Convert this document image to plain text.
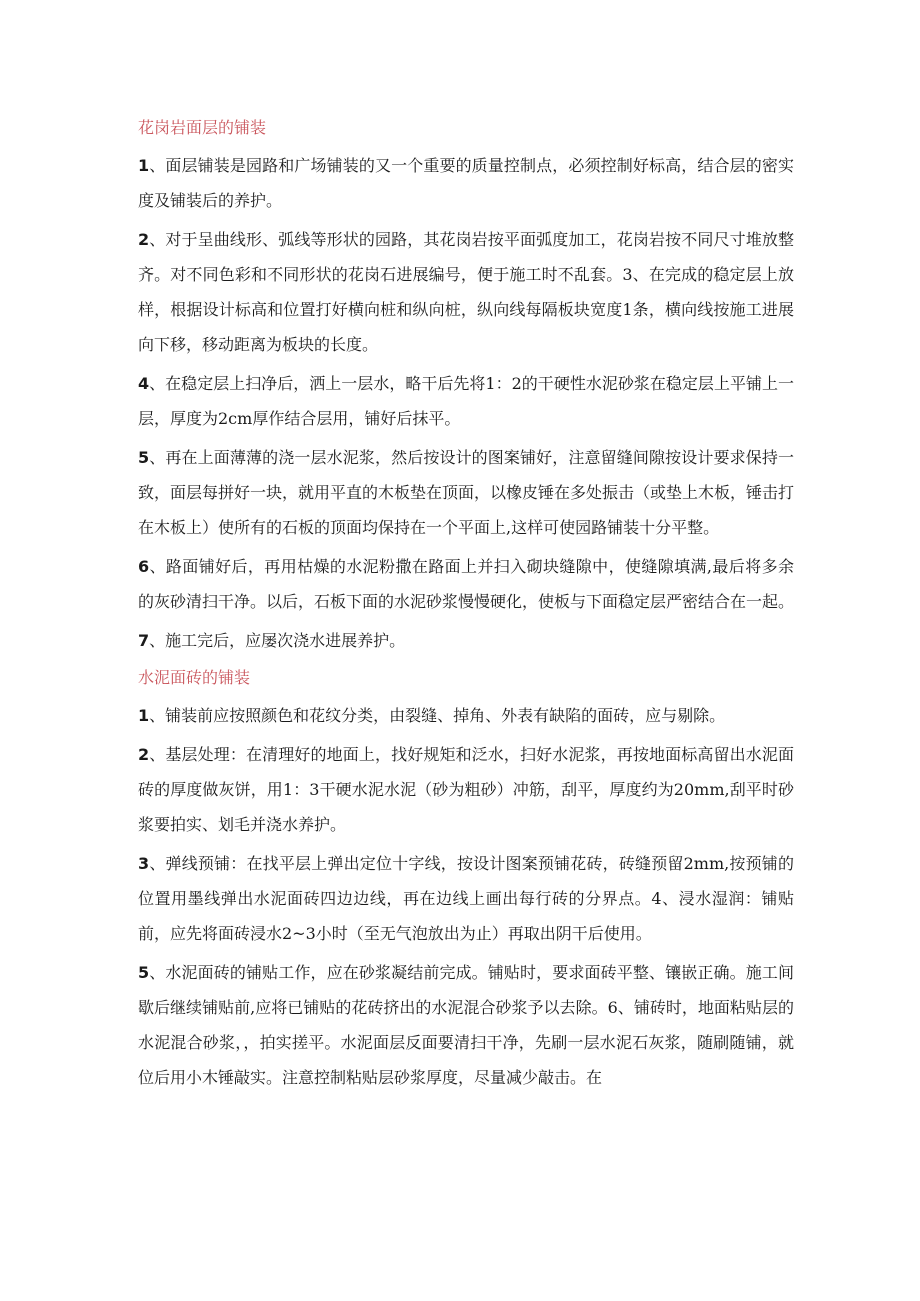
花岗岩面层的铺装

1、面层铺装是园路和广场铺装的又一个重要的质量控制点，必须控制好标高，结合层的密实度及铺装后的养护。

2、对于呈曲线形、弧线等形状的园路，其花岗岩按平面弧度加工，花岗岩按不同尺寸堆放整齐。对不同色彩和不同形状的花岗石进展编号，便于施工时不乱套。3、在完成的稳定层上放样，根据设计标高和位置打好横向桩和纵向桩，纵向线每隔板块宽度1条，横向线按施工进展向下移，移动距离为板块的长度。

4、在稳定层上扫净后，洒上一层水，略干后先将1：2的干硬性水泥砂浆在稳定层上平铺上一层，厚度为2cm厚作结合层用，铺好后抹平。

5、再在上面薄薄的浇一层水泥浆，然后按设计的图案铺好，注意留缝间隙按设计要求保持一致，面层每拼好一块，就用平直的木板垫在顶面，以橡皮锤在多处振击（或垫上木板，锤击打在木板上）使所有的石板的顶面均保持在一个平面上,这样可使园路铺装十分平整。

6、路面铺好后，再用枯燥的水泥粉撒在路面上并扫入砌块缝隙中，使缝隙填满,最后将多余的灰砂清扫干净。以后，石板下面的水泥砂浆慢慢硬化，使板与下面稳定层严密结合在一起。

7、施工完后，应屡次浇水进展养护。

水泥面砖的铺装

1、铺装前应按照颜色和花纹分类，由裂缝、掉角、外表有缺陷的面砖，应与剔除。

2、基层处理：在清理好的地面上，找好规矩和泛水，扫好水泥浆，再按地面标高留出水泥面砖的厚度做灰饼，用1：3干硬水泥水泥（砂为粗砂）冲筋，刮平，厚度约为20mm,刮平时砂浆要拍实、划毛并浇水养护。

3、弹线预铺：在找平层上弹出定位十字线，按设计图案预铺花砖，砖缝预留2mm,按预铺的位置用墨线弹出水泥面砖四边边线，再在边线上画出每行砖的分界点。4、浸水湿润：铺贴前，应先将面砖浸水2~3小时（至无气泡放出为止）再取出阴干后使用。

5、水泥面砖的铺贴工作，应在砂浆凝结前完成。铺贴时，要求面砖平整、镶嵌正确。施工间歇后继续铺贴前,应将已铺贴的花砖挤出的水泥混合砂浆予以去除。6、铺砖时，地面粘贴层的水泥混合砂浆，，拍实搓平。水泥面层反面要清扫干净，先刷一层水泥石灰浆，随刷随铺，就位后用小木锤敲实。注意控制粘贴层砂浆厚度，尽量减少敲击。在
